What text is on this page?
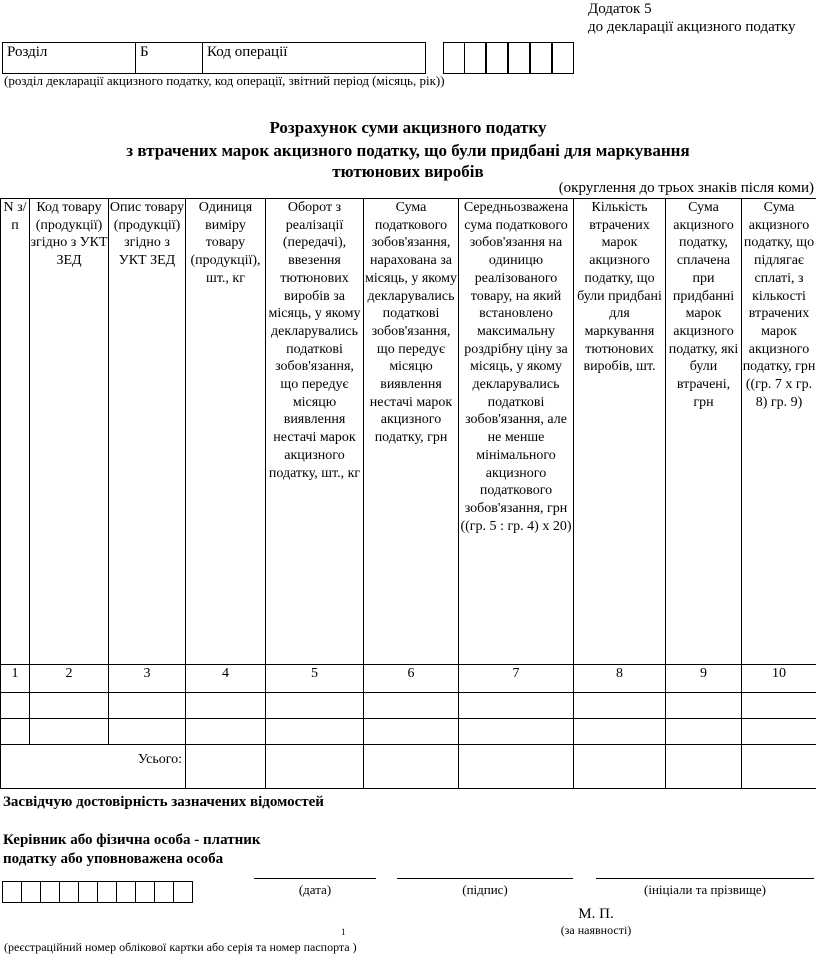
Додаток 5
до декларації акцизного податку
Розділ	Б	Код операції
(розділ декларації акцизного податку, код операції, звітний період (місяць, рік))
Розрахунок суми акцизного податку
з втрачених марок акцизного податку, що були придбані для маркування
тютюнових виробів
(округлення до трьох знаків після коми)
N з/п	Код товару (продукції) згідно з УКТ ЗЕД	Опис товару (продукції) згідно з УКТ ЗЕД	Одиниця виміру товару (продукції), шт., кг	Оборот з реалізації (передачі), ввезення тютюнових виробів за місяць, у якому декларувались податкові зобов'язання, що передує місяцю виявлення нестачі марок акцизного податку, шт., кг	Сума податкового зобов'язання, нарахована за місяць, у якому декларувались податкові зобов'язання, що передує місяцю виявлення нестачі марок акцизного податку, грн	Середньозважена сума податкового зобов'язання на одиницю реалізованого товару, на який встановлено максимальну роздрібну ціну за місяць, у якому декларувались податкові зобов'язання, але не менше мінімального акцизного податкового зобов'язання, грн ((гр. 5 : гр. 4) х 20)	Кількість втрачених марок акцизного податку, що були придбані для маркування тютюнових виробів, шт.	Сума акцизного податку, сплачена при придбанні марок акцизного податку, які були втрачені, грн	Сума акцизного податку, що підлягає сплаті, з кількості втрачених марок акцизного податку, грн ((гр. 7 х гр. 8) гр. 9)
1	2	3	4	5	6	7	8	9	10

Усього:									
Засвідчую достовірність зазначених відомостей
Керівник або фізична особа - платник
податку або уповноважена особа
(дата)	(підпис)	(ініціали та прізвище)
М. П.
(за наявності)
1
(реєстраційний номер облікової картки або серія та номер паспорта )
